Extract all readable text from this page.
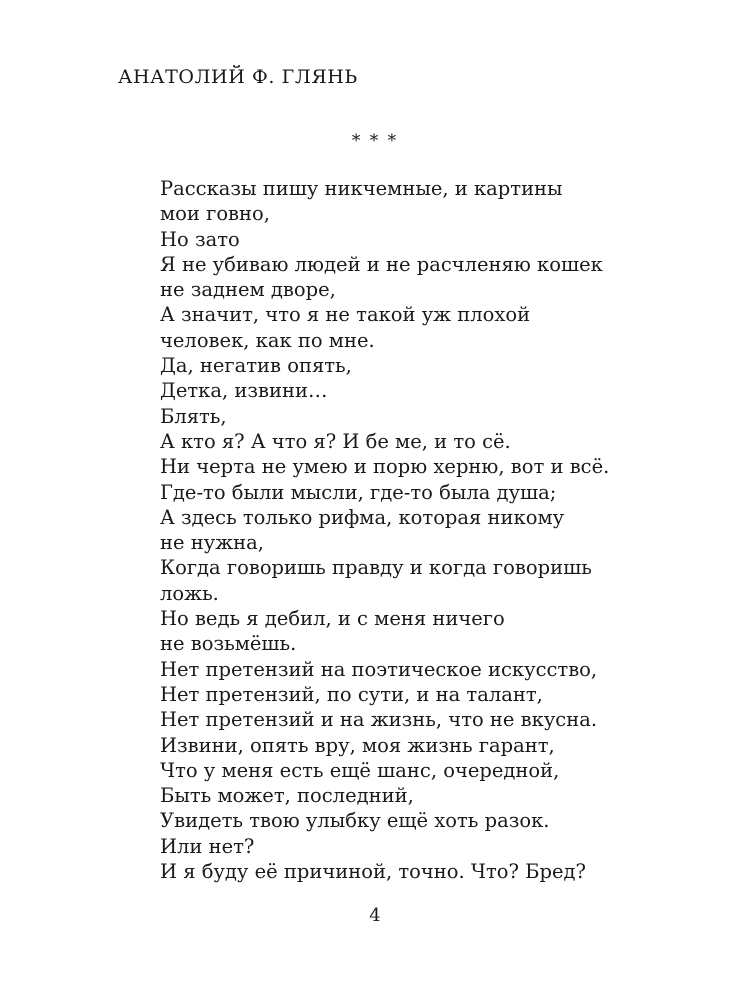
АНАТОЛИЙ Ф. ГЛЯНЬ
* * *
Рассказы пишу никчемные, и картины
мои говно,
Но зато
Я не убиваю людей и не расчленяю кошек
не заднем дворе,
А значит, что я не такой уж плохой
человек, как по мне.
Да, негатив опять,
Детка, извини…
Блять,
А кто я? А что я? И бе ме, и то сё.
Ни черта не умею и порю херню, вот и всё.
Где-то были мысли, где-то была душа;
А здесь только рифма, которая никому
не нужна,
Когда говоришь правду и когда говоришь
ложь.
Но ведь я дебил, и с меня ничего
не возьмёшь.
Нет претензий на поэтическое искусство,
Нет претензий, по сути, и на талант,
Нет претензий и на жизнь, что не вкусна.
Извини, опять вру, моя жизнь гарант,
Что у меня есть ещё шанс, очередной,
Быть может, последний,
Увидеть твою улыбку ещё хоть разок.
Или нет?
И я буду её причиной, точно. Что? Бред?
4
